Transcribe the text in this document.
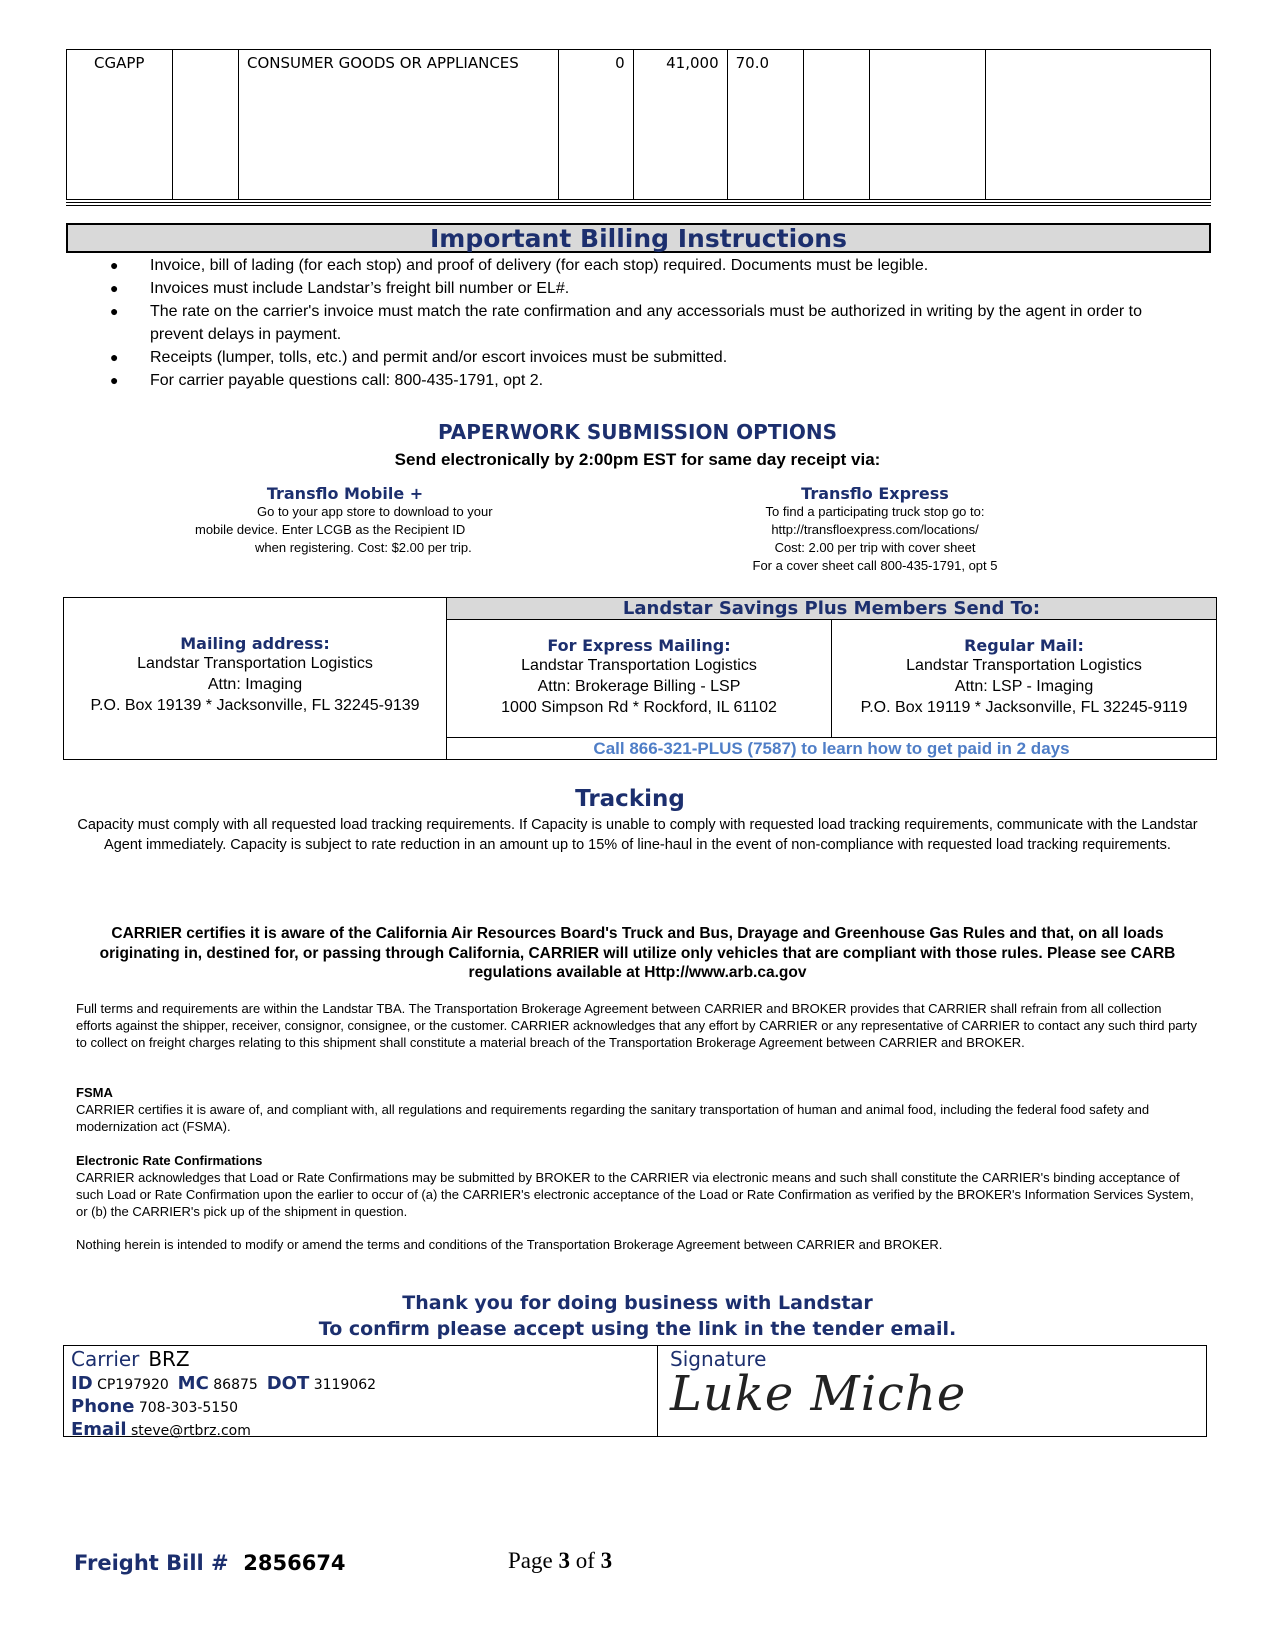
CGAPP		CONSUMER GOODS OR APPLIANCES	0	41,000	70.0			
Important Billing Instructions
● Invoice, bill of lading (for each stop) and proof of delivery (for each stop) required. Documents must be legible.
● Invoices must include Landstar’s freight bill number or EL#.
● The rate on the carrier's invoice must match the rate confirmation and any accessorials must be authorized in writing by the agent in order to prevent delays in payment.
● Receipts (lumper, tolls, etc.) and permit and/or escort invoices must be submitted.
● For carrier payable questions call: 800-435-1791, opt 2.
PAPERWORK SUBMISSION OPTIONS
Send electronically by 2:00pm EST for same day receipt via:
Transflo Mobile +
Go to your app store to download to your
mobile device. Enter LCGB as the Recipient ID
when registering. Cost: $2.00 per trip.
Transflo Express
To find a participating truck stop go to:
http://transfloexpress.com/locations/
Cost: 2.00 per trip with cover sheet
For a cover sheet call 800-435-1791, opt 5
Mailing address:
Landstar Transportation Logistics
Attn: Imaging
P.O. Box 19139 * Jacksonville, FL 32245-9139
Landstar Savings Plus Members Send To:
For Express Mailing:
Landstar Transportation Logistics
Attn: Brokerage Billing - LSP
1000 Simpson Rd * Rockford, IL 61102
Regular Mail:
Landstar Transportation Logistics
Attn: LSP - Imaging
P.O. Box 19119 * Jacksonville, FL 32245-9119
Call 866-321-PLUS (7587) to learn how to get paid in 2 days
Tracking
Capacity must comply with all requested load tracking requirements. If Capacity is unable to comply with requested load tracking requirements, communicate with the Landstar Agent immediately. Capacity is subject to rate reduction in an amount up to 15% of line-haul in the event of non-compliance with requested load tracking requirements.
CARRIER certifies it is aware of the California Air Resources Board's Truck and Bus, Drayage and Greenhouse Gas Rules and that, on all loads originating in, destined for, or passing through California, CARRIER will utilize only vehicles that are compliant with those rules. Please see CARB regulations available at Http://www.arb.ca.gov
Full terms and requirements are within the Landstar TBA. The Transportation Brokerage Agreement between CARRIER and BROKER provides that CARRIER shall refrain from all collection efforts against the shipper, receiver, consignor, consignee, or the customer. CARRIER acknowledges that any effort by CARRIER or any representative of CARRIER to contact any such third party to collect on freight charges relating to this shipment shall constitute a material breach of the Transportation Brokerage Agreement between CARRIER and BROKER.
FSMA
CARRIER certifies it is aware of, and compliant with, all regulations and requirements regarding the sanitary transportation of human and animal food, including the federal food safety and modernization act (FSMA).
Electronic Rate Confirmations
CARRIER acknowledges that Load or Rate Confirmations may be submitted by BROKER to the CARRIER via electronic means and such shall constitute the CARRIER's binding acceptance of such Load or Rate Confirmation upon the earlier to occur of (a) the CARRIER's electronic acceptance of the Load or Rate Confirmation as verified by the BROKER's Information Services System, or (b) the CARRIER's pick up of the shipment in question.
Nothing herein is intended to modify or amend the terms and conditions of the Transportation Brokerage Agreement between CARRIER and BROKER.
Thank you for doing business with Landstar
To confirm please accept using the link in the tender email.
Carrier BRZ
ID CP197920 MC 86875 DOT 3119062
Phone 708-303-5150
Email steve@rtbrz.com
Signature
Luke Miche
Freight Bill # 2856674	Page 3 of 3
